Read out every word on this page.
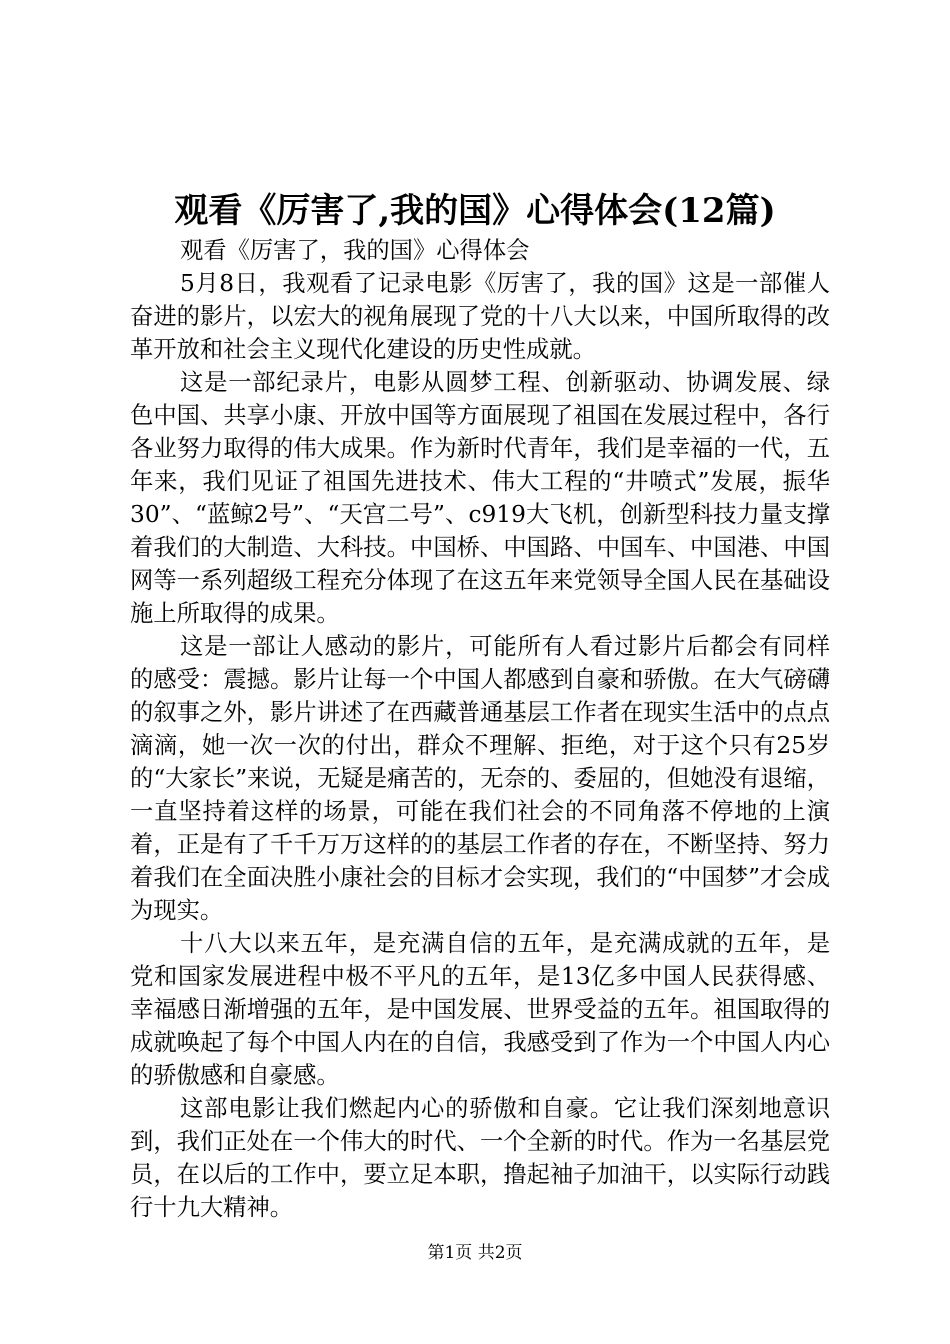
观看《厉害了,我的国》心得体会(12篇)

观看《厉害了，我的国》心得体会

5月8日，我观看了记录电影《厉害了，我的国》这是一部催人奋进的影片，以宏大的视角展现了党的十八大以来，中国所取得的改革开放和社会主义现代化建设的历史性成就。

这是一部纪录片，电影从圆梦工程、创新驱动、协调发展、绿色中国、共享小康、开放中国等方面展现了祖国在发展过程中，各行各业努力取得的伟大成果。作为新时代青年，我们是幸福的一代，五年来，我们见证了祖国先进技术、伟大工程的“井喷式”发展，振华30”、“蓝鲸2号”、“天宫二号”、c919大飞机，创新型科技力量支撑着我们的大制造、大科技。中国桥、中国路、中国车、中国港、中国网等一系列超级工程充分体现了在这五年来党领导全国人民在基础设施上所取得的成果。

这是一部让人感动的影片，可能所有人看过影片后都会有同样的感受：震撼。影片让每一个中国人都感到自豪和骄傲。在大气磅礴的叙事之外，影片讲述了在西藏普通基层工作者在现实生活中的点点滴滴，她一次一次的付出，群众不理解、拒绝，对于这个只有25岁的“大家长”来说，无疑是痛苦的，无奈的、委屈的，但她没有退缩，一直坚持着这样的场景，可能在我们社会的不同角落不停地的上演着，正是有了千千万万这样的的基层工作者的存在，不断坚持、努力着我们在全面决胜小康社会的目标才会实现，我们的“中国梦”才会成为现实。

十八大以来五年，是充满自信的五年，是充满成就的五年，是党和国家发展进程中极不平凡的五年，是13亿多中国人民获得感、幸福感日渐增强的五年，是中国发展、世界受益的五年。祖国取得的成就唤起了每个中国人内在的自信，我感受到了作为一个中国人内心的骄傲感和自豪感。

这部电影让我们燃起内心的骄傲和自豪。它让我们深刻地意识到，我们正处在一个伟大的时代、一个全新的时代。作为一名基层党员，在以后的工作中，要立足本职，撸起袖子加油干，以实际行动践行十九大精神。

第1页 共2页
